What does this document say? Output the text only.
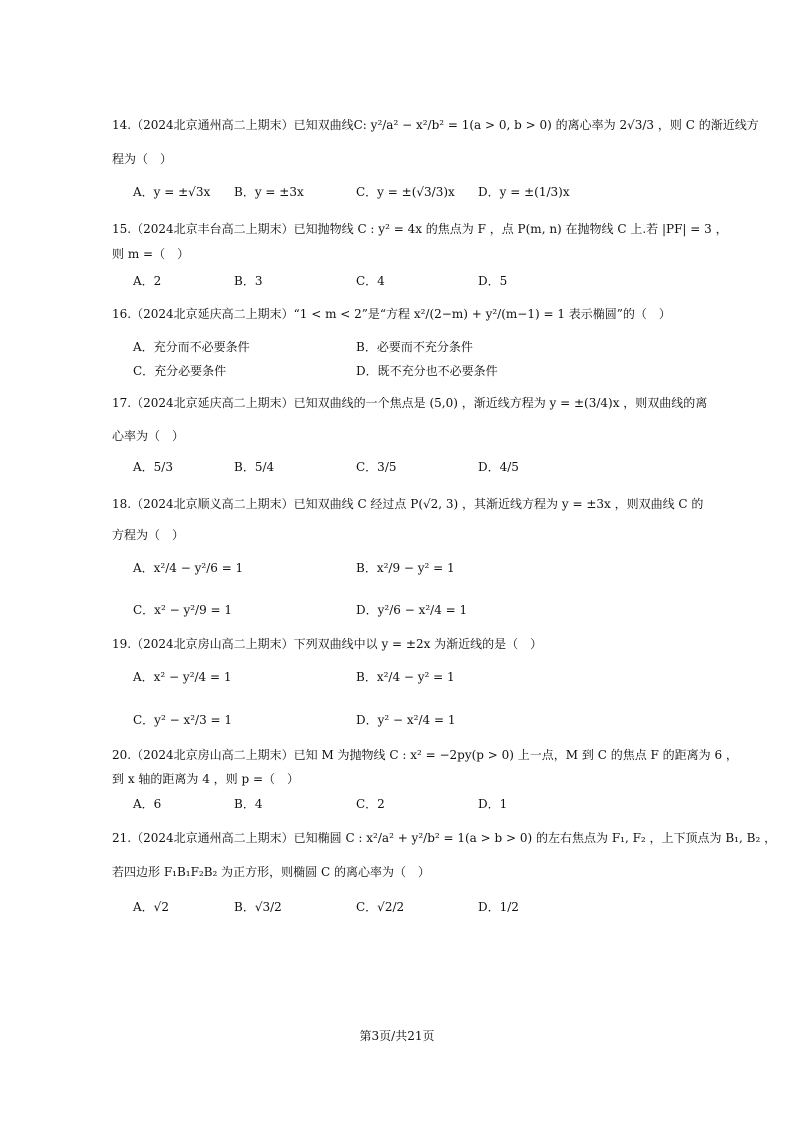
14.（2024北京通州高二上期末）已知双曲线C: y²/a² − x²/b² = 1(a > 0, b > 0) 的离心率为 2√3/3 ，则 C 的渐近线方
程为（　）
A．y = ±√3x B．y = ±3x	C．y = ±(√3/3)x D．y = ±(1/3)x
15.（2024北京丰台高二上期末）已知抛物线 C : y² = 4x 的焦点为 F ，点 P(m, n) 在抛物线 C 上.若 |PF| = 3 ，
则 m =（　）
A．2	B．3	C．4	D．5
16.（2024北京延庆高二上期末）“1 < m < 2”是“方程 x²/(2−m) + y²/(m−1) = 1 表示椭圆”的（　）
A．充分而不必要条件	B．必要而不充分条件
C．充分必要条件	D．既不充分也不必要条件
17.（2024北京延庆高二上期末）已知双曲线的一个焦点是 (5,0) ，渐近线方程为 y = ±(3/4)x ，则双曲线的离
心率为（　）
A．5/3	B．5/4	C．3/5	D．4/5
18.（2024北京顺义高二上期末）已知双曲线 C 经过点 P(√2, 3) ，其渐近线方程为 y = ±3x ，则双曲线 C 的
方程为（　）
A．x²/4 − y²/6 = 1	B．x²/9 − y² = 1
C．x² − y²/9 = 1	D．y²/6 − x²/4 = 1
19.（2024北京房山高二上期末）下列双曲线中以 y = ±2x 为渐近线的是（　）
A．x² − y²/4 = 1	B．x²/4 − y² = 1
C．y² − x²/3 = 1	D．y² − x²/4 = 1
20.（2024北京房山高二上期末）已知 M 为抛物线 C : x² = −2py(p > 0) 上一点，M 到 C 的焦点 F 的距离为 6 ，
到 x 轴的距离为 4 ，则 p =（　）
A．6	B．4	C．2	D．1
21.（2024北京通州高二上期末）已知椭圆 C : x²/a² + y²/b² = 1(a > b > 0) 的左右焦点为 F₁, F₂ ，上下顶点为 B₁, B₂ ，
若四边形 F₁B₁F₂B₂ 为正方形，则椭圆 C 的离心率为（　）
A．√2	B．√3/2	C．√2/2	D．1/2
第3页/共21页
